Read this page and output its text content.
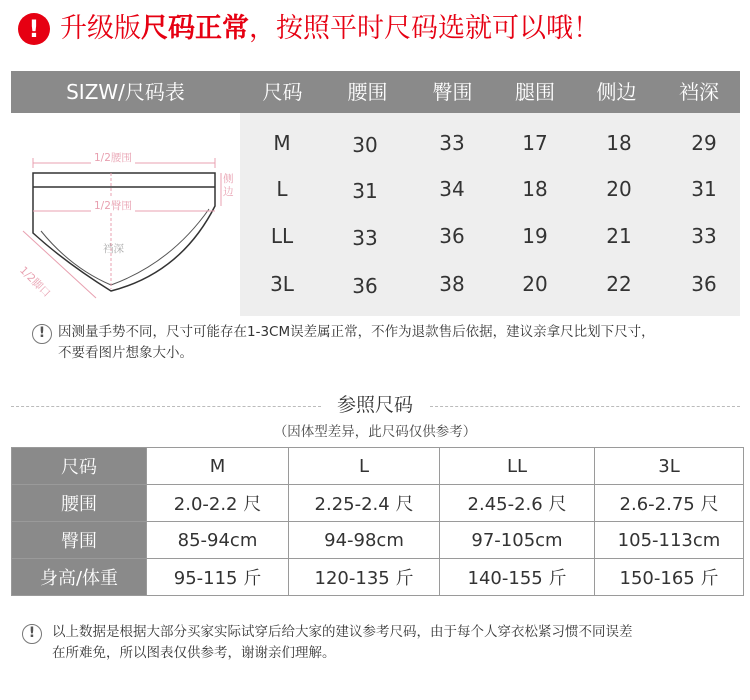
! 升级版尺码正常，按照平时尺码选就可以哦！
SIZW/尺码表	尺码	腰围	臀围	腿围	侧边	裆深
1/2腰围
1/2臀围
侧边
裆深
1/2脚口
M	30	33	17	18	29
L	31	34	18	20	31
LL	33	36	19	21	33
3L	36	38	20	22	36
! 因测量手势不同，尺寸可能存在1-3CM误差属正常，不作为退款售后依据，建议亲拿尺比划下尺寸，
不要看图片想象大小。
参照尺码
（因体型差异，此尺码仅供参考）
尺码	M	L	LL	3L
腰围	2.0-2.2 尺	2.25-2.4 尺	2.45-2.6 尺	2.6-2.75 尺
臀围	85-94cm	94-98cm	97-105cm	105-113cm
身高/体重	95-115 斤	120-135 斤	140-155 斤	150-165 斤
!	以上数据是根据大部分买家实际试穿后给大家的建议参考尺码，由于每个人穿衣松紧习惯不同误差
在所难免，所以图表仅供参考，谢谢亲们理解。
